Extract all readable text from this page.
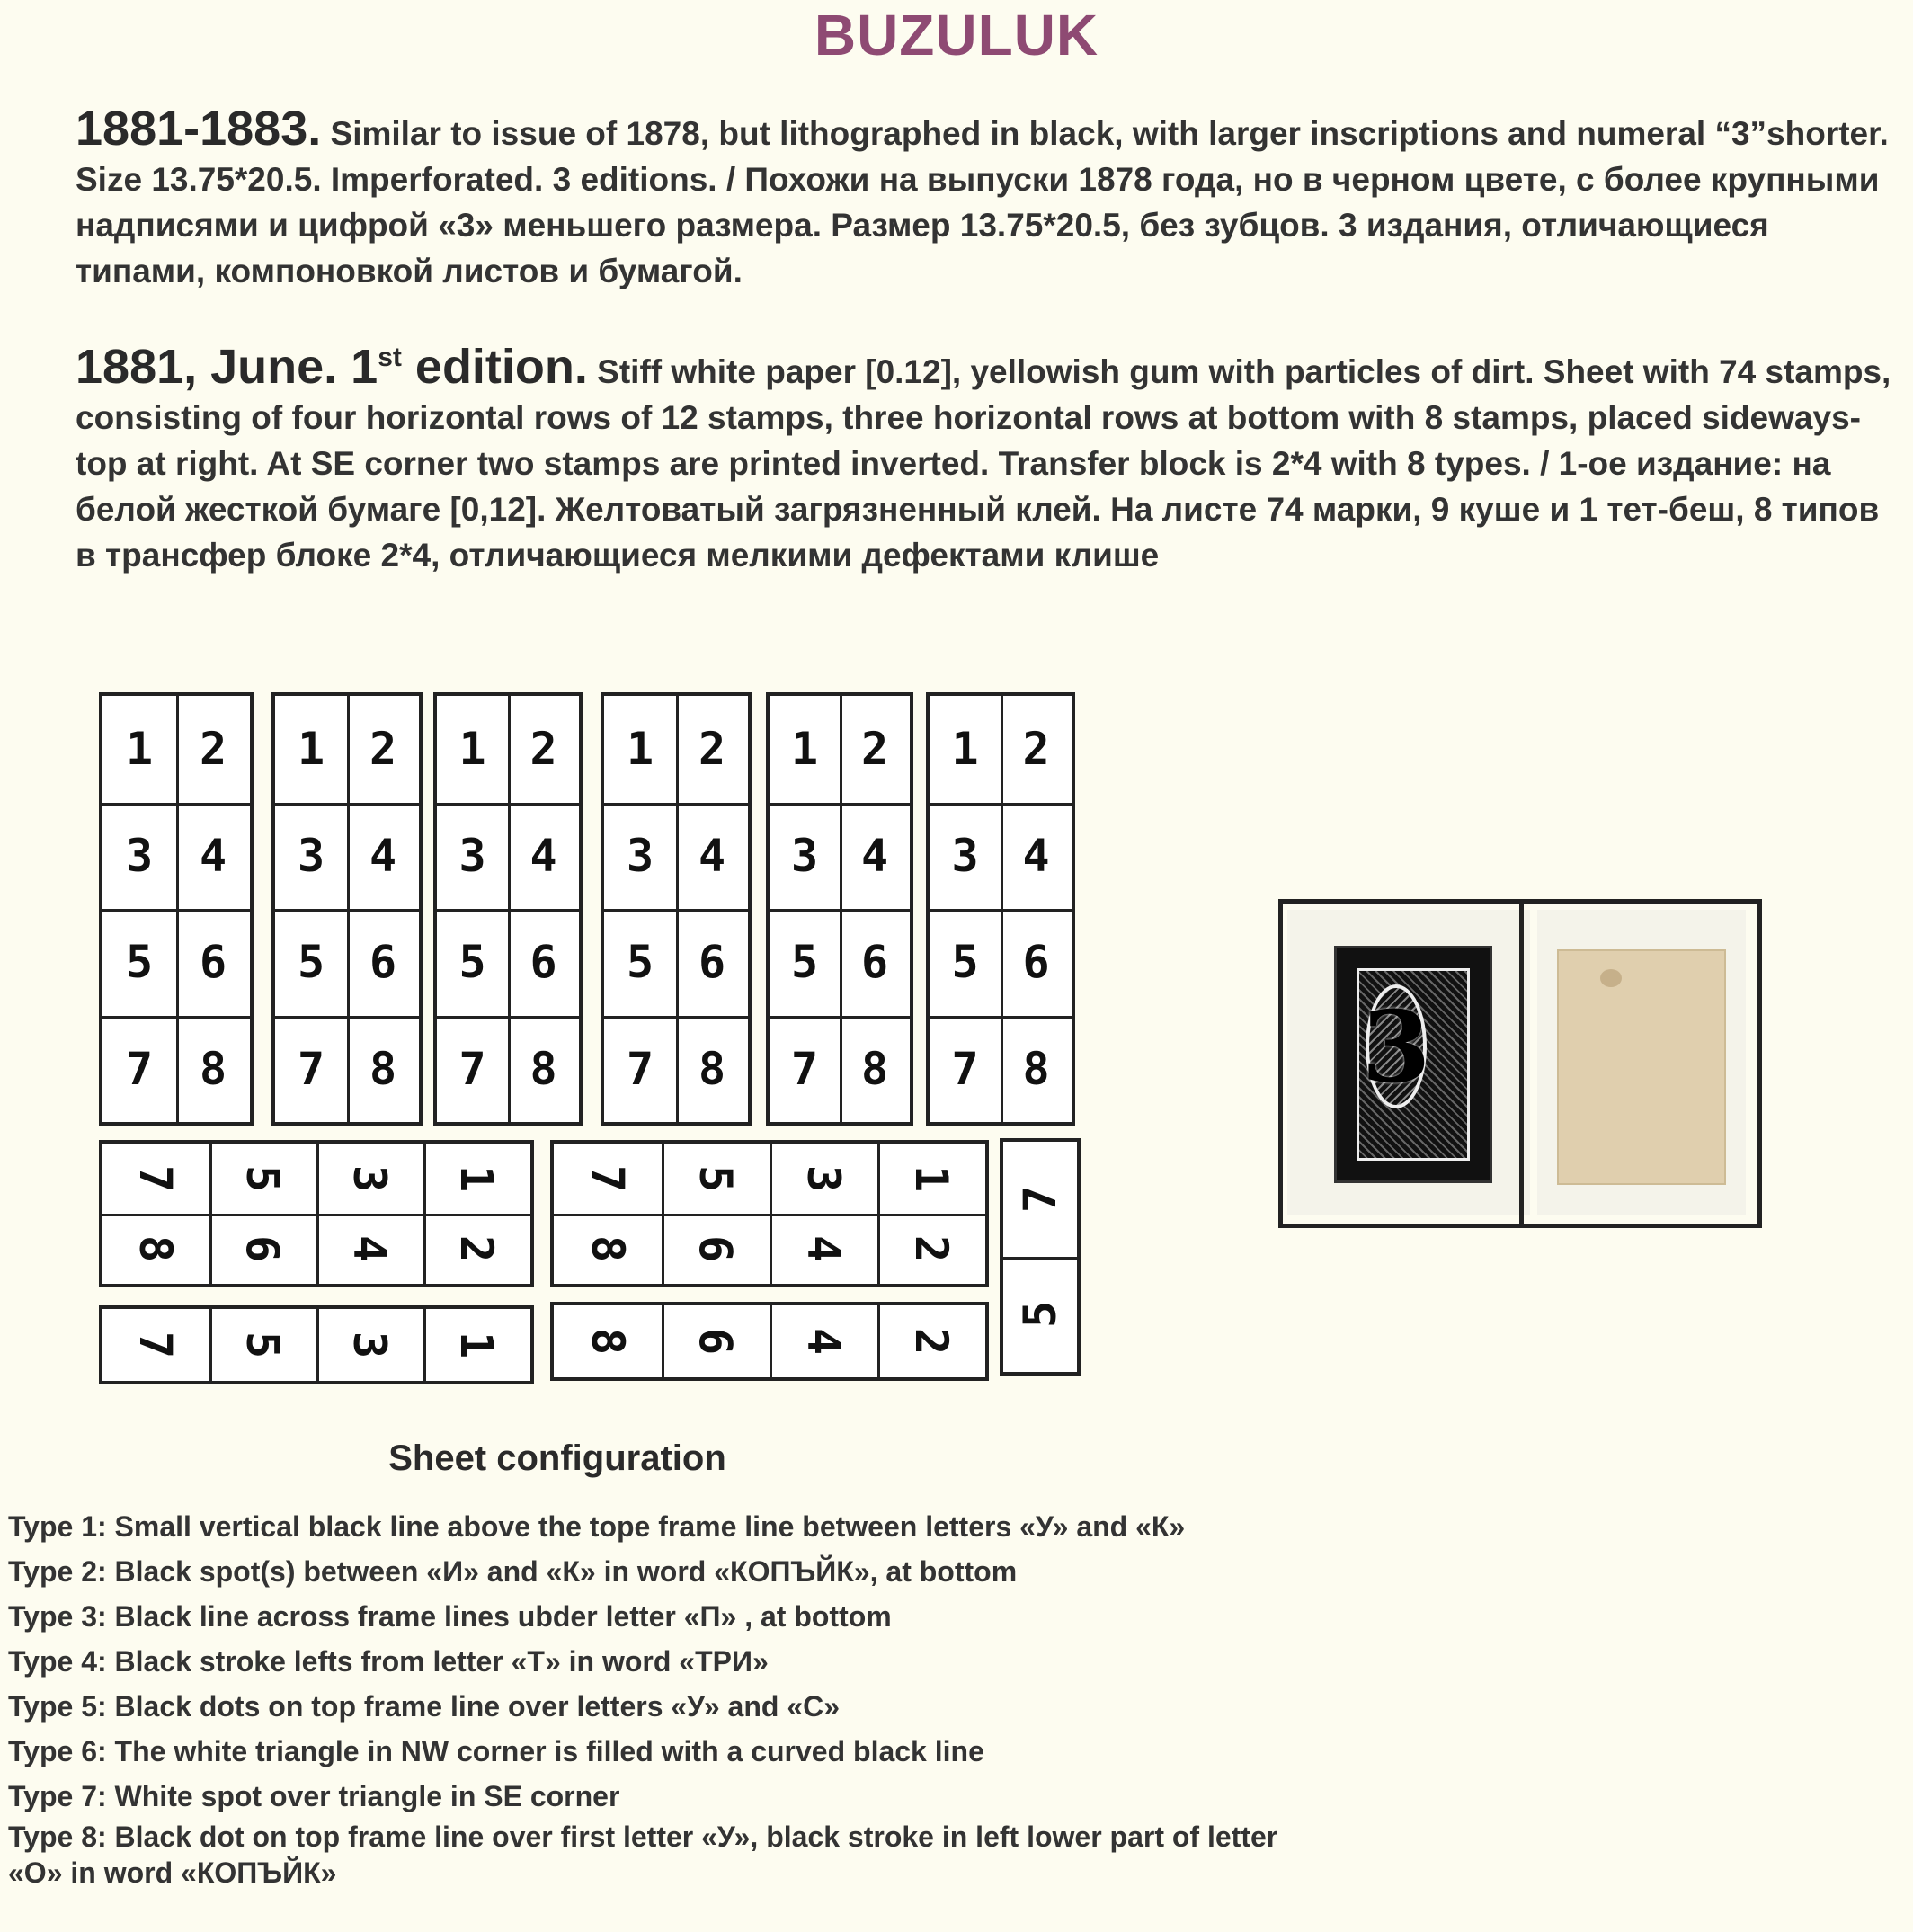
BUZULUK
1881-1883. Similar to issue of 1878, but lithographed in black, with larger inscriptions and numeral “3”shorter. Size 13.75*20.5. Imperforated. 3 editions. / Похожи на выпуски 1878 года, но в черном цвете, с более крупными надписями и цифрой «3» меньшего размера. Размер 13.75*20.5, без зубцов. 3 издания, отличающиеся типами, компоновкой листов и бумагой.
1881, June. 1st edition. Stiff white paper [0.12], yellowish gum with particles of dirt. Sheet with 74 stamps, consisting of four horizontal rows of 12 stamps, three horizontal rows at bottom with 8 stamps, placed sideways-top at right. At SE corner two stamps are printed inverted. Transfer block is 2*4 with 8 types. / 1-ое издание: на белой жесткой бумаге [0,12]. Желтоватый загрязненный клей. На листе 74 марки, 9 куше и 1 тет-беш, 8 типов в трансфер блоке 2*4, отличающиеся мелкими дефектами клише
1 2
3 4
5 6
7 8
1 2
3 4
5 6
7 8
1 2
3 4
5 6
7 8
1 2
3 4
5 6
7 8
1 2
3 4
5 6
7 8
1 2
3 4
5 6
7 8
7 5 3 1
8 6 4 2
7 5 3 1
8 6 4 2
7 5 3 1 8 6 4 2
7
5
3
Sheet configuration

Type 1: Small vertical black line above the tope frame line between letters «У» and «К»

Type 2: Black spot(s) between «И» and «К» in word «КОПЪЙК», at bottom

Type 3: Black line across frame lines ubder letter «П» , at bottom

Type 4: Black stroke lefts from letter «Т» in word «ТРИ»

Type 5: Black dots on top frame line over letters «У» and «С»

Type 6: The white triangle in NW corner is filled with a curved black line

Type 7: White spot over triangle in SE corner

Type 8: Black dot on top frame line over first letter «У», black stroke in left lower part of letter «О» in word «КОПЪЙК»
